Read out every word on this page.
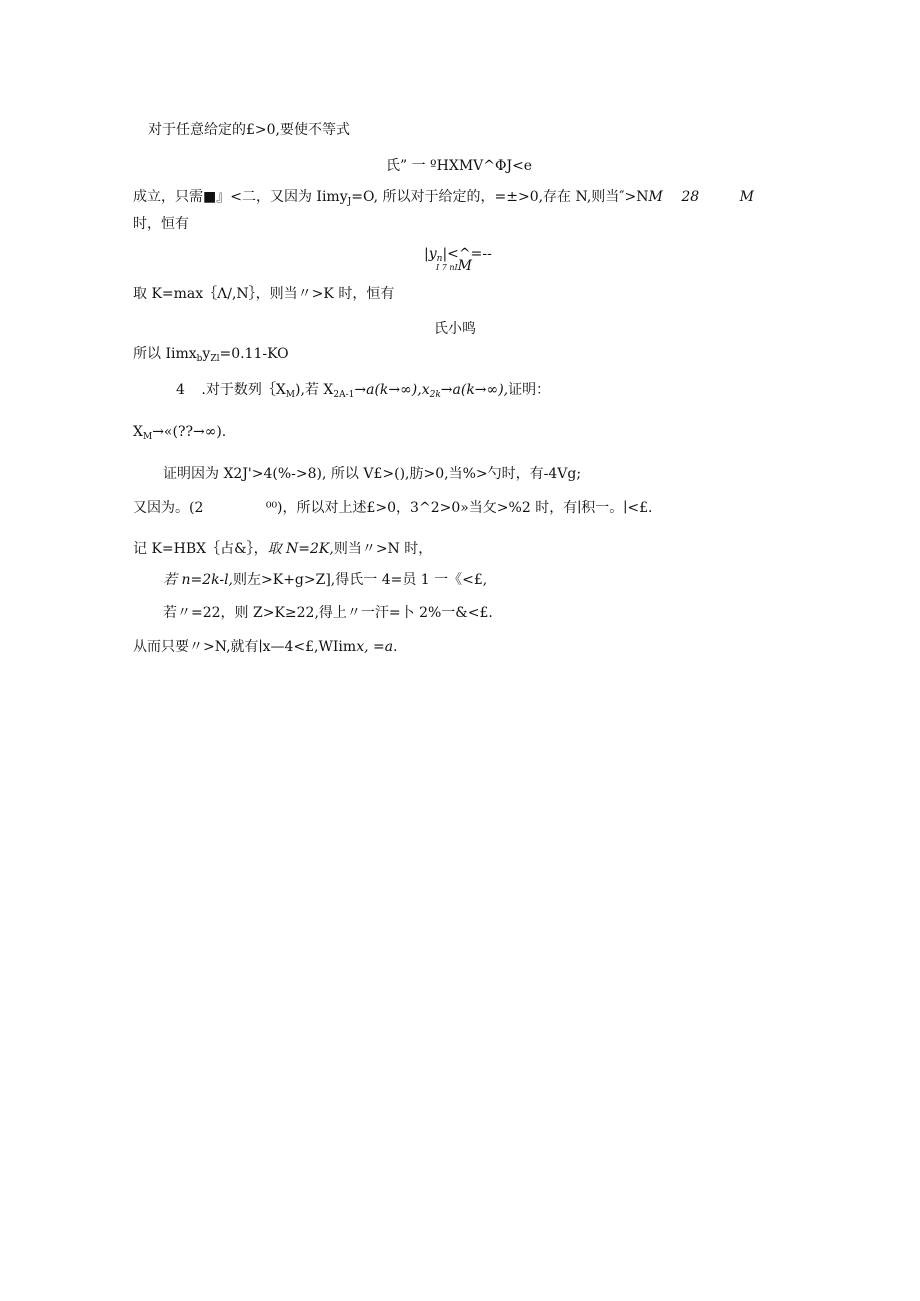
对于任意给定的£>0,要使不等式
氏” 一 ºHXMV^ΦJ<e
成立，只需■』<二，又因为 Iimy$_J$=O, 所以对于给定的，=±>0,存在 N,则当″>NM 28	M
时，恒有
$|y_n|<\^{}=--$
I 7 nIM
取 K=max｛Λ∕,N｝，则当〃>K 时，恒有
氏小鸣
所以 $Iimx_by_{Zl}=0.11-KO$
4 .对于数列$\{X_M$),若 $X_{2A-1}\to a(k\to\infty),x_{2k}\to a(k\to\infty)$,证明：
$X_M\to«(??\to\infty)$.
证明因为 X2J'>4(%->8), 所以 V£>(),肪>0,当%>勺时，有-4Vg;
又因为。(2	⁰⁰)，所以对上述£>0，3^2>0»当攵>%2 时，有∣积一。∣<£.
记 K=HBX｛占&｝，取 N=2K,则当〃>N 时，
若 n=2k-l,则左>K+g>Z],得氏一 4=员 1 一《<£,
若〃=22，则 Z>K≥22,得上〃一汗=卜 2%一&<£.
从而只要〃>N,就有∣x—4<£,WIimx, =a.
